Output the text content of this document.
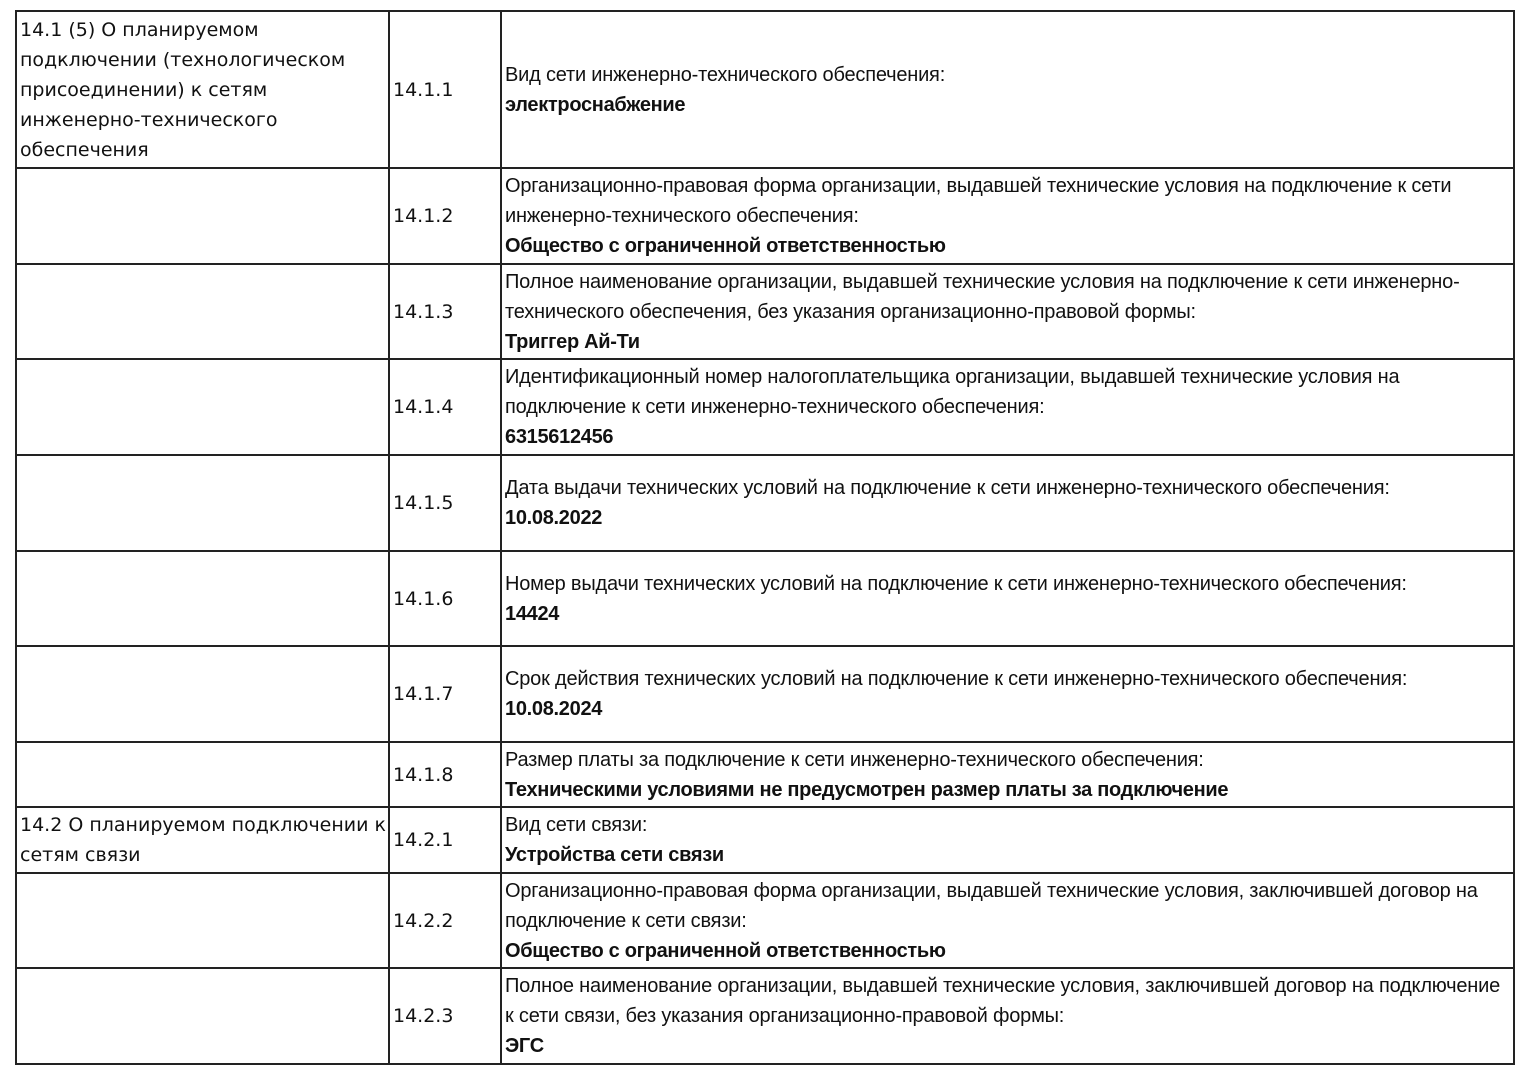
14.1 (5) О планируемом подключении (технологическом присоединении) к сетям инженерно-технического обеспечения	14.1.1	Вид сети инженерно-технического обеспечения:
электроснабжение

	14.1.2	Организационно-правовая форма организации, выдавшей технические условия на подключение к сети инженерно-технического обеспечения:
Общество с ограниченной ответственностью

	14.1.3	Полное наименование организации, выдавшей технические условия на подключение к сети инженерно-технического обеспечения, без указания организационно-правовой формы:
Триггер Ай-Ти

	14.1.4	Идентификационный номер налогоплательщика организации, выдавшей технические условия на подключение к сети инженерно-технического обеспечения:
6315612456

	14.1.5	Дата выдачи технических условий на подключение к сети инженерно-технического обеспечения:
10.08.2022

	14.1.6	Номер выдачи технических условий на подключение к сети инженерно-технического обеспечения:
14424

	14.1.7	Срок действия технических условий на подключение к сети инженерно-технического обеспечения:
10.08.2024

	14.1.8	Размер платы за подключение к сети инженерно-технического обеспечения:
Техническими условиями не предусмотрен размер платы за подключение

14.2 О планируемом подключении к сетям связи	14.2.1	Вид сети связи:
Устройства сети связи

	14.2.2	Организационно-правовая форма организации, выдавшей технические условия, заключившей договор на подключение к сети связи:
Общество с ограниченной ответственностью

	14.2.3	Полное наименование организации, выдавшей технические условия, заключившей договор на подключение к сети связи, без указания организационно-правовой формы:
ЭГС
